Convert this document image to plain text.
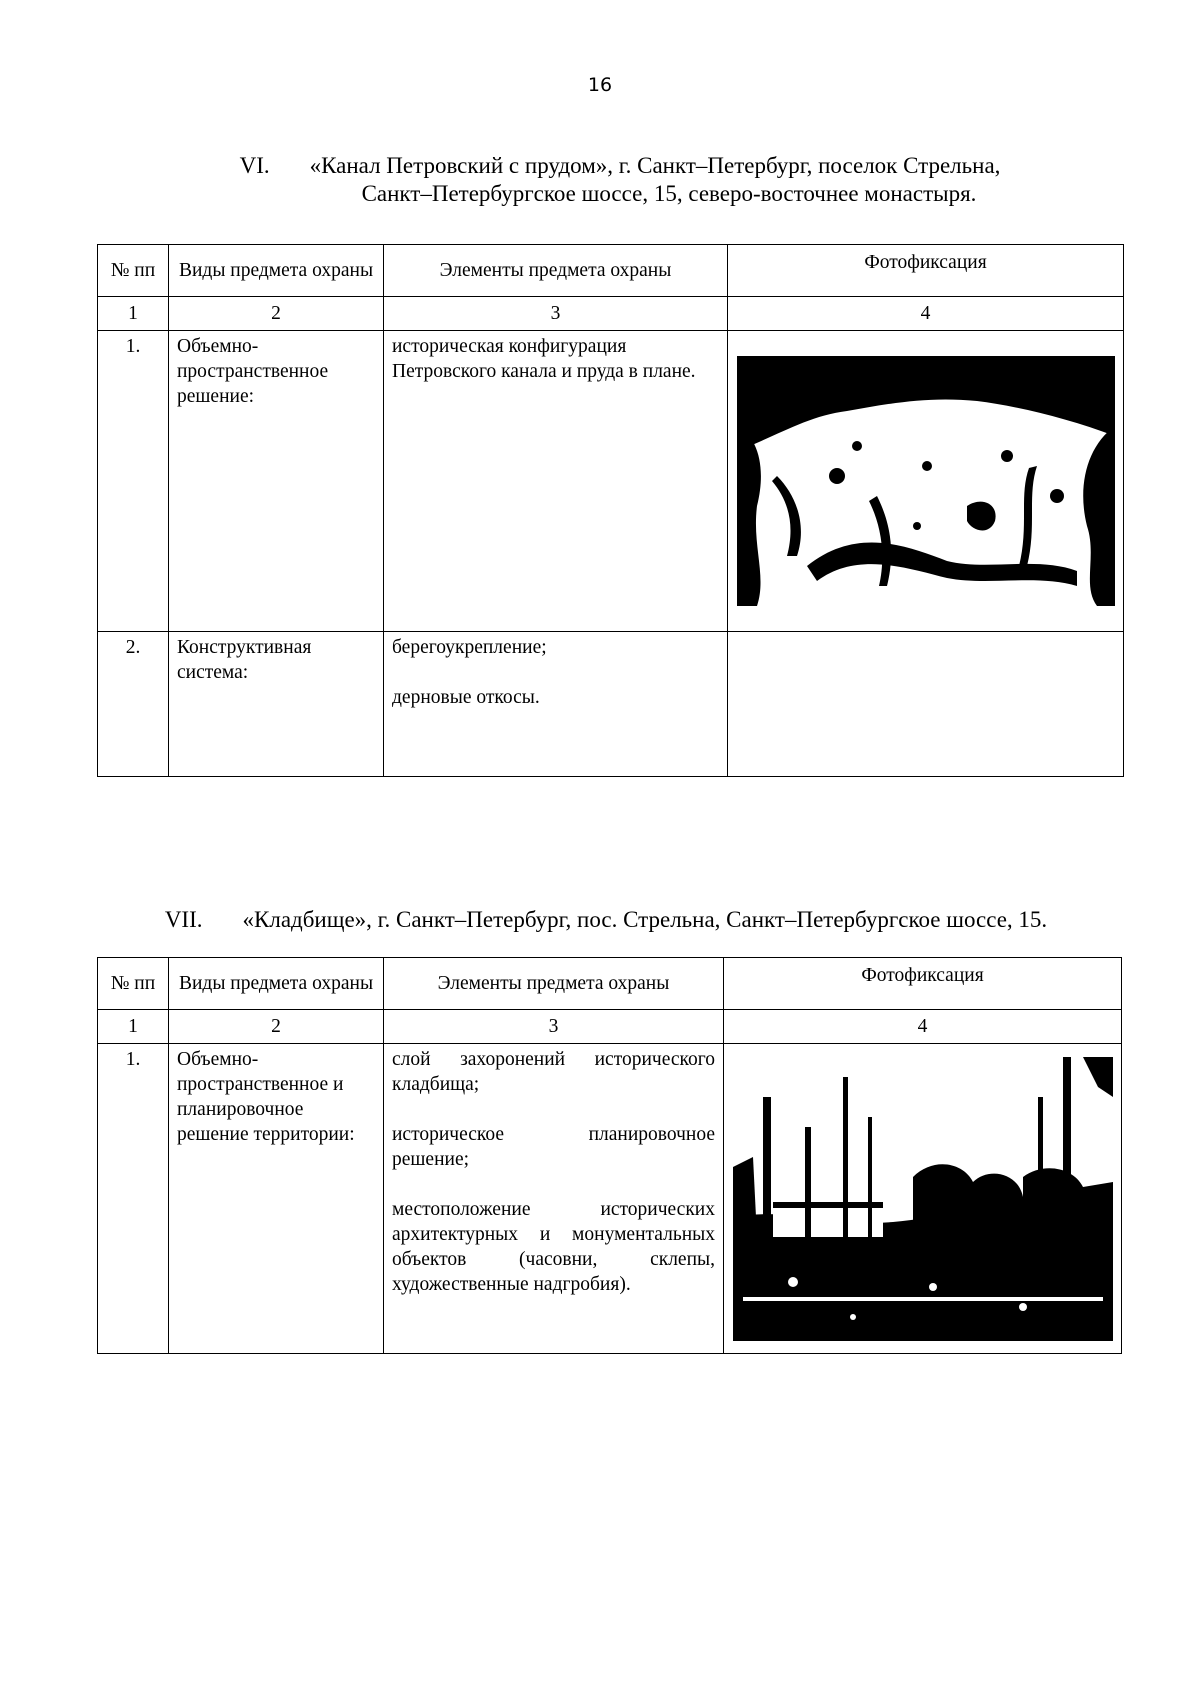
16
VI. «Канал Петровский с прудом», г. Санкт–Петербург, поселок Стрельна,
Санкт–Петербургское шоссе, 15, северо-восточнее монастыря.
№ пп	Виды предмета охраны	Элементы предмета охраны	Фотофиксация
1	2	3	4
1.	Объемно-пространственное решение:	историческая конфигурация Петровского канала и пруда в плане.

2.	Конструктивная система:	берегоукрепление;
дерновые откосы.	

VII. «Кладбище», г. Санкт–Петербург, пос. Стрельна, Санкт–Петербургское шоссе, 15.
№ пп	Виды предмета охраны	Элементы предмета охраны	Фотофиксация
1	2	3	4
1.	Объемно-пространственное и планировочное решение территории:	слой захоронений исторического кладбища;
историческое планировочное решение;
местоположение исторических архитектурных и монументальных объектов (часовни, склепы, художественные надгробия).
